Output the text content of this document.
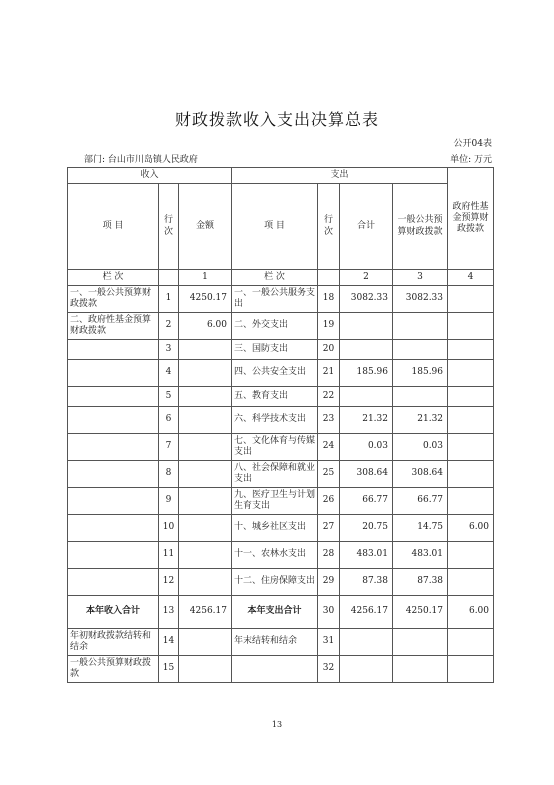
财政拨款收入支出决算总表
公开04表
部门: 台山市川岛镇人民政府	单位: 万元
收入			支出				政府性基金预算财政拨款
项 目	行次	金额	项 目	行次	合计	一般公共预算财政拨款	
栏 次		1	栏 次		2	3	4
一、一般公共预算财政拨款	1	4250.17	一、一般公共服务支出	18	3082.33	3082.33	
二、政府性基金预算财政拨款	2	6.00	二、外交支出	19			
	3		三、国防支出	20			
	4		四、公共安全支出	21	185.96	185.96	
	5		五、教育支出	22			
	6		六、科学技术支出	23	21.32	21.32	
	7		七、文化体育与传媒支出	24	0.03	0.03	
	8		八、社会保障和就业支出	25	308.64	308.64	
	9		九、医疗卫生与计划生育支出	26	66.77	66.77	
	10		十、城乡社区支出	27	20.75	14.75	6.00
	11		十一、农林水支出	28	483.01	483.01	
	12		十二、住房保障支出	29	87.38	87.38	
本年收入合计	13	4256.17	本年支出合计	30	4256.17	4250.17	6.00
年初财政拨款结转和结余	14		年末结转和结余	31			
一般公共预算财政拨款	15			32			
13
